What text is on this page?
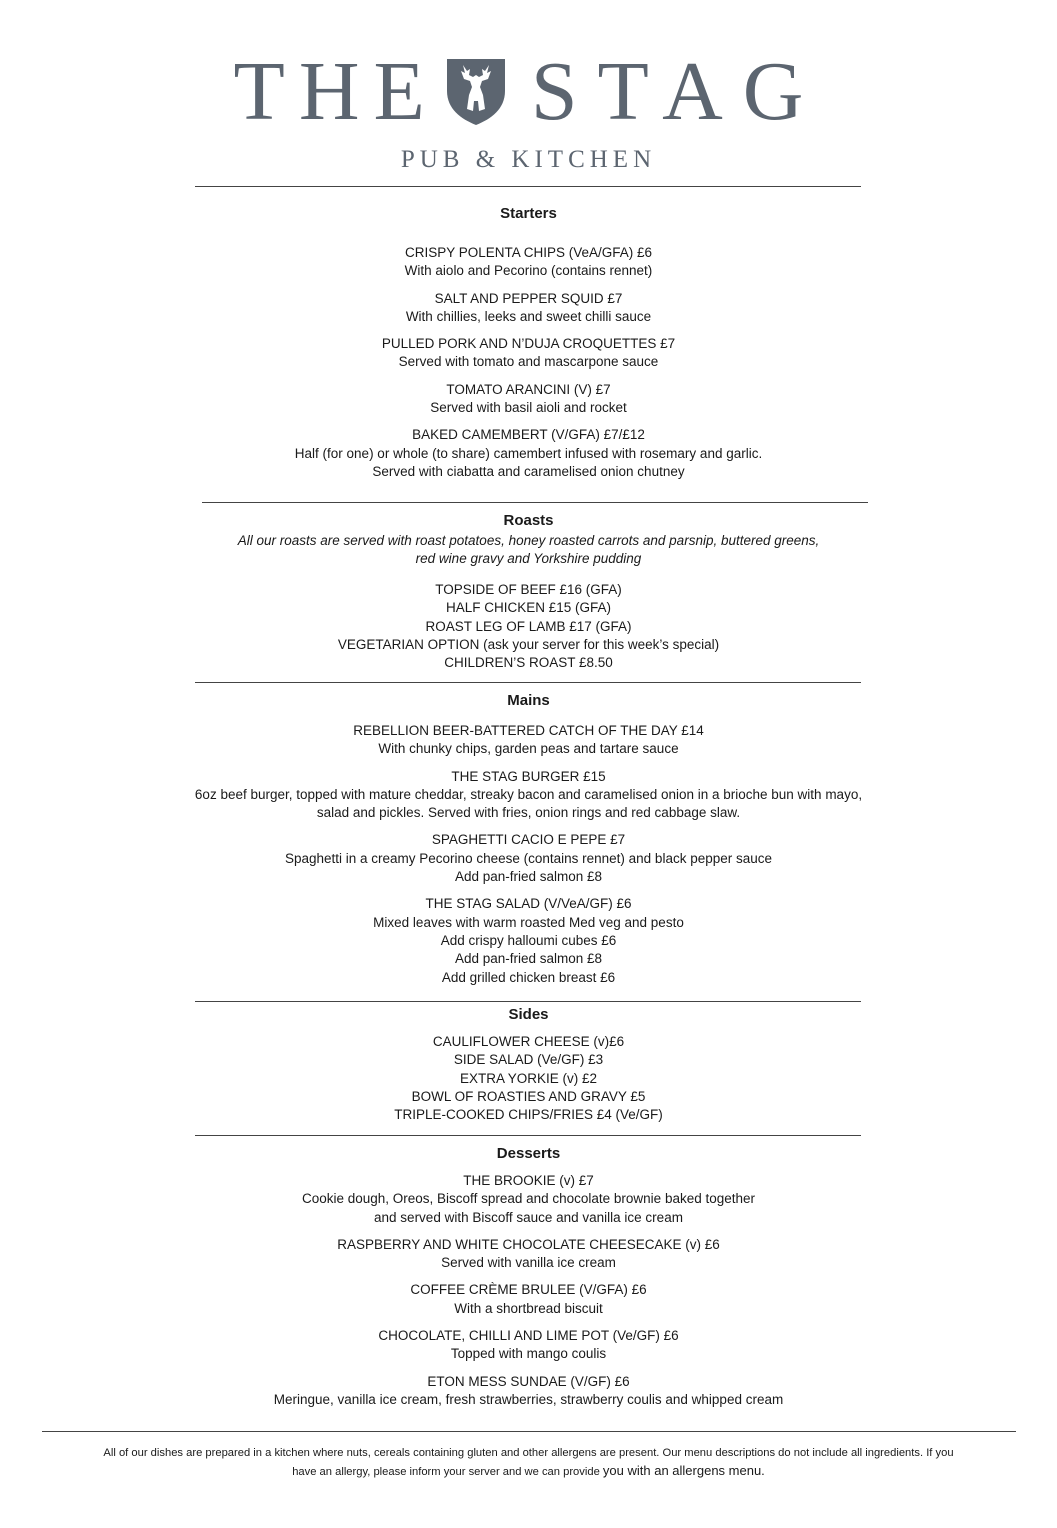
THE STAG
PUB & KITCHEN
Starters
CRISPY POLENTA CHIPS (VeA/GFA) £6
With aiolo and Pecorino (contains rennet)
SALT AND PEPPER SQUID £7
With chillies, leeks and sweet chilli sauce
PULLED PORK AND N’DUJA CROQUETTES £7
Served with tomato and mascarpone sauce
TOMATO ARANCINI (V) £7
Served with basil aioli and rocket
BAKED CAMEMBERT (V/GFA) £7/£12
Half (for one) or whole (to share) camembert infused with rosemary and garlic.
Served with ciabatta and caramelised onion chutney
Roasts
All our roasts are served with roast potatoes, honey roasted carrots and parsnip, buttered greens,
red wine gravy and Yorkshire pudding
TOPSIDE OF BEEF £16 (GFA)
HALF CHICKEN £15 (GFA)
ROAST LEG OF LAMB £17 (GFA)
VEGETARIAN OPTION (ask your server for this week’s special)
CHILDREN’S ROAST £8.50
Mains
REBELLION BEER-BATTERED CATCH OF THE DAY £14
With chunky chips, garden peas and tartare sauce
THE STAG BURGER £15
6oz beef burger, topped with mature cheddar, streaky bacon and caramelised onion in a brioche bun with mayo,
salad and pickles. Served with fries, onion rings and red cabbage slaw.
SPAGHETTI CACIO E PEPE £7
Spaghetti in a creamy Pecorino cheese (contains rennet) and black pepper sauce
Add pan-fried salmon £8
THE STAG SALAD (V/VeA/GF) £6
Mixed leaves with warm roasted Med veg and pesto
Add crispy halloumi cubes £6
Add pan-fried salmon £8
Add grilled chicken breast £6
Sides
CAULIFLOWER CHEESE (v)£6
SIDE SALAD (Ve/GF) £3
EXTRA YORKIE (v) £2
BOWL OF ROASTIES AND GRAVY £5
TRIPLE-COOKED CHIPS/FRIES £4 (Ve/GF)
Desserts
THE BROOKIE (v) £7
Cookie dough, Oreos, Biscoff spread and chocolate brownie baked together
and served with Biscoff sauce and vanilla ice cream
RASPBERRY AND WHITE CHOCOLATE CHEESECAKE (v) £6
Served with vanilla ice cream
COFFEE CRÈME BRULEE (V/GFA) £6
With a shortbread biscuit
CHOCOLATE, CHILLI AND LIME POT (Ve/GF) £6
Topped with mango coulis
ETON MESS SUNDAE (V/GF) £6
Meringue, vanilla ice cream, fresh strawberries, strawberry coulis and whipped cream
All of our dishes are prepared in a kitchen where nuts, cereals containing gluten and other allergens are present. Our menu descriptions do not include all ingredients. If you
have an allergy, please inform your server and we can provide you with an allergens menu.
